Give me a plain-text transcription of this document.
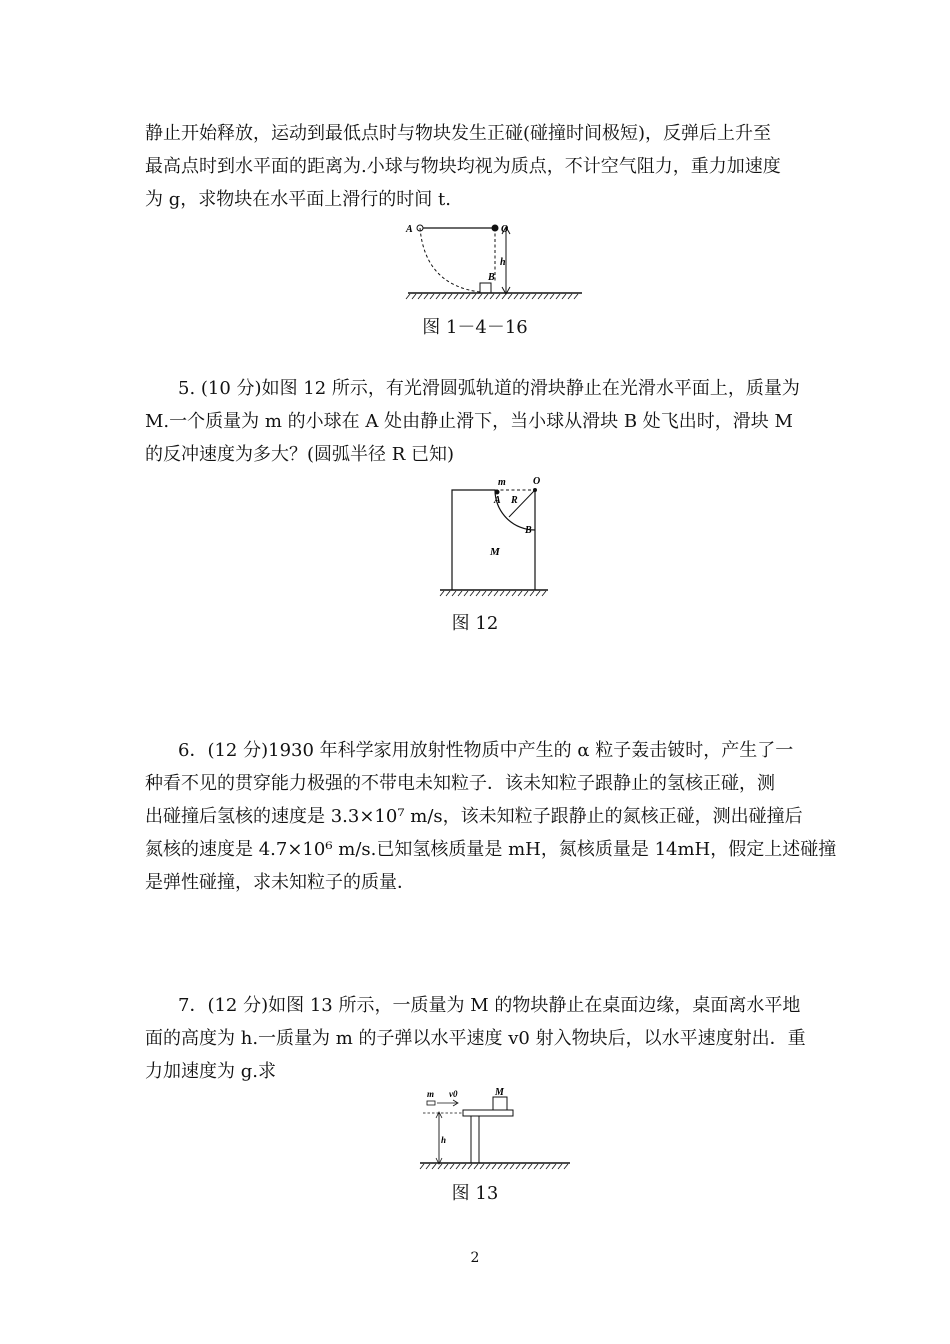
静止开始释放，运动到最低点时与物块发生正碰(碰撞时间极短)，反弹后上升至
最高点时到水平面的距离为.小球与物块均视为质点，不计空气阻力，重力加速度
为 g，求物块在水平面上滑行的时间 t.
A	O
h
B
图 1－4－16
5. (10 分)如图 12 所示，有光滑圆弧轨道的滑块静止在光滑水平面上，质量为
M.一个质量为 m 的小球在 A 处由静止滑下，当小球从滑块 B 处飞出时，滑块 M
的反冲速度为多大？(圆弧半径 R 已知)
m	O
A R
B
M
图 12
6．(12 分)1930 年科学家用放射性物质中产生的 α 粒子轰击铍时，产生了一
种看不见的贯穿能力极强的不带电未知粒子．该未知粒子跟静止的氢核正碰，测
出碰撞后氢核的速度是 3.3×10⁷ m/s，该未知粒子跟静止的氮核正碰，测出碰撞后
氮核的速度是 4.7×10⁶ m/s.已知氢核质量是 mH，氮核质量是 14mH，假定上述碰撞
是弹性碰撞，求未知粒子的质量．
7．(12 分)如图 13 所示，一质量为 M 的物块静止在桌面边缘，桌面离水平地
面的高度为 h.一质量为 m 的子弹以水平速度 v0 射入物块后，以水平速度射出．重
力加速度为 g.求
m v0	M
h
图 13
2
